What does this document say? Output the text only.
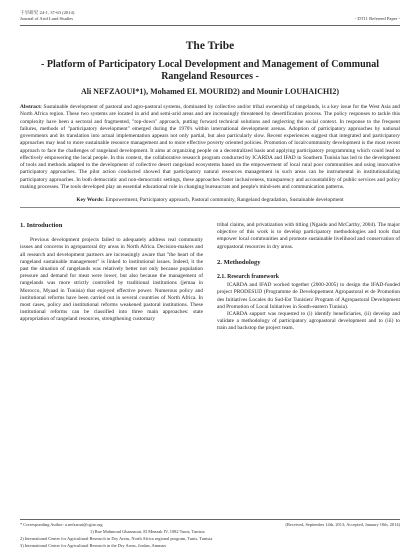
干旱研究 24-1, 37-63 (2014)
Journal of Arid Land Studies	- DT11 Refereed Paper -
The Tribe
- Platform of Participatory Local Development and Management of Communal Rangeland Resources -
Ali NEFZAOUI*1), Mohamed EL MOURID2) and Mounir LOUHAICHI2)
Abstract: Sustainable development of pastoral and agro-pastoral systems, dominated by collective and/or tribal ownership of rangelands, is a key issue for the West Asia and North Africa region. These two systems are located in arid and semi-arid areas and are increasingly threatened by desertification process. The policy responses to tackle this complexity have been a sectoral and fragmented, "top-down" approach, putting forward technical solutions and neglecting the social context. In response to the frequent failures, methods of "participatory development" emerged during the 1970's within international development arenas. Adoption of participatory approaches by national governments and its translation into actual implementation appears not only partial, but also particularly slow. Recent experiences suggest that integrated and participatory approaches may lead to more sustainable resource management and to more effective poverty oriented policies. Promotion of local/community development is the most recent approach to face the challenges of rangeland development. It aims at organizing people on a decentralized basis and applying participatory programming which could lead to effectively empowering the local people. In this context, the collaborative research program conducted by ICARDA and IFAD in Southern Tunisia has led to the development of tools and methods adapted to the development of collective desert rangeland ecosystems based on the empowerment of local rural poor communities and using innovative participatory approaches. The pilot action conducted showed that participatory natural resources management in such areas can be instrumental in institutionalizing participatory approaches. In both democratic and non-democratic settings, these approaches foster inclusiveness, transparency and accountability of public services and policy making processes. The tools developed play an essential educational role in changing bureaucrats and people's mind-sets and communication patterns.
Key Words: Empowerment, Participatory approach, Pastoral community, Rangeland degradation, Sustainable development
1. Introduction

Previous development projects failed to adequately address real community issues and concerns in agropastoral dry areas in North Africa. Decision-makers and all research and development partners are increasingly aware that "the heart of the rangeland sustainable management" is linked to institutional issues. Indeed, it the past the situation of rangelands was relatively better not only because population pressure and demand for meat were lower, but also because the management of rangelands was more strictly controlled by traditional institutions (jemaa in Morocco, Myaad in Tunisia) that enjoyed effective power. Numerous policy and institutional reforms have been carried out in several countries of North Africa. In most cases, policy and institutional reforms weakened pastoral institutions. These institutional reforms can be classified into three main approaches: state appropriation of rangeland resources, strengthening customary

tribal claims, and privatization with titling (Ngaido and McCarthy, 2004). The major objective of this work is to develop participatory methodologies and tools that empower local communities and promote sustainable livelihood and conservation of agropastoral resources in dry areas.

2. Methodology
2.1. Research framework

ICARDA and IFAD worked together (2000-2005) to design the IFAD-funded project PRODESUD (Programme de Developpement Agropastoral et de Promotion des Initiatives Locales du Sud-Est Tunisien/ Program of Agropastoral Development and Promotion of Local Initiatives in South-eastern Tunisia).

ICARDA support was requested to (i) identify beneficiaries, (ii) develop and validate a methodology of participatory agropastoral development and to (iii) to train and backstop the project team.

* Corresponding Author: a.nefzaoui@cgiar.org	(Received, September 14th, 2013; Accepted, January 10th, 2014)
1) Rue Mahmoud Ghaznaoui, El Menzah IV, 1082 Tunis, Tunisia
2) International Center for Agricultural Research in Dry Areas, North Africa regional program, Tunis, Tunisia
3) International Center for Agricultural Research in the Dry Areas, Jordan, Amman
